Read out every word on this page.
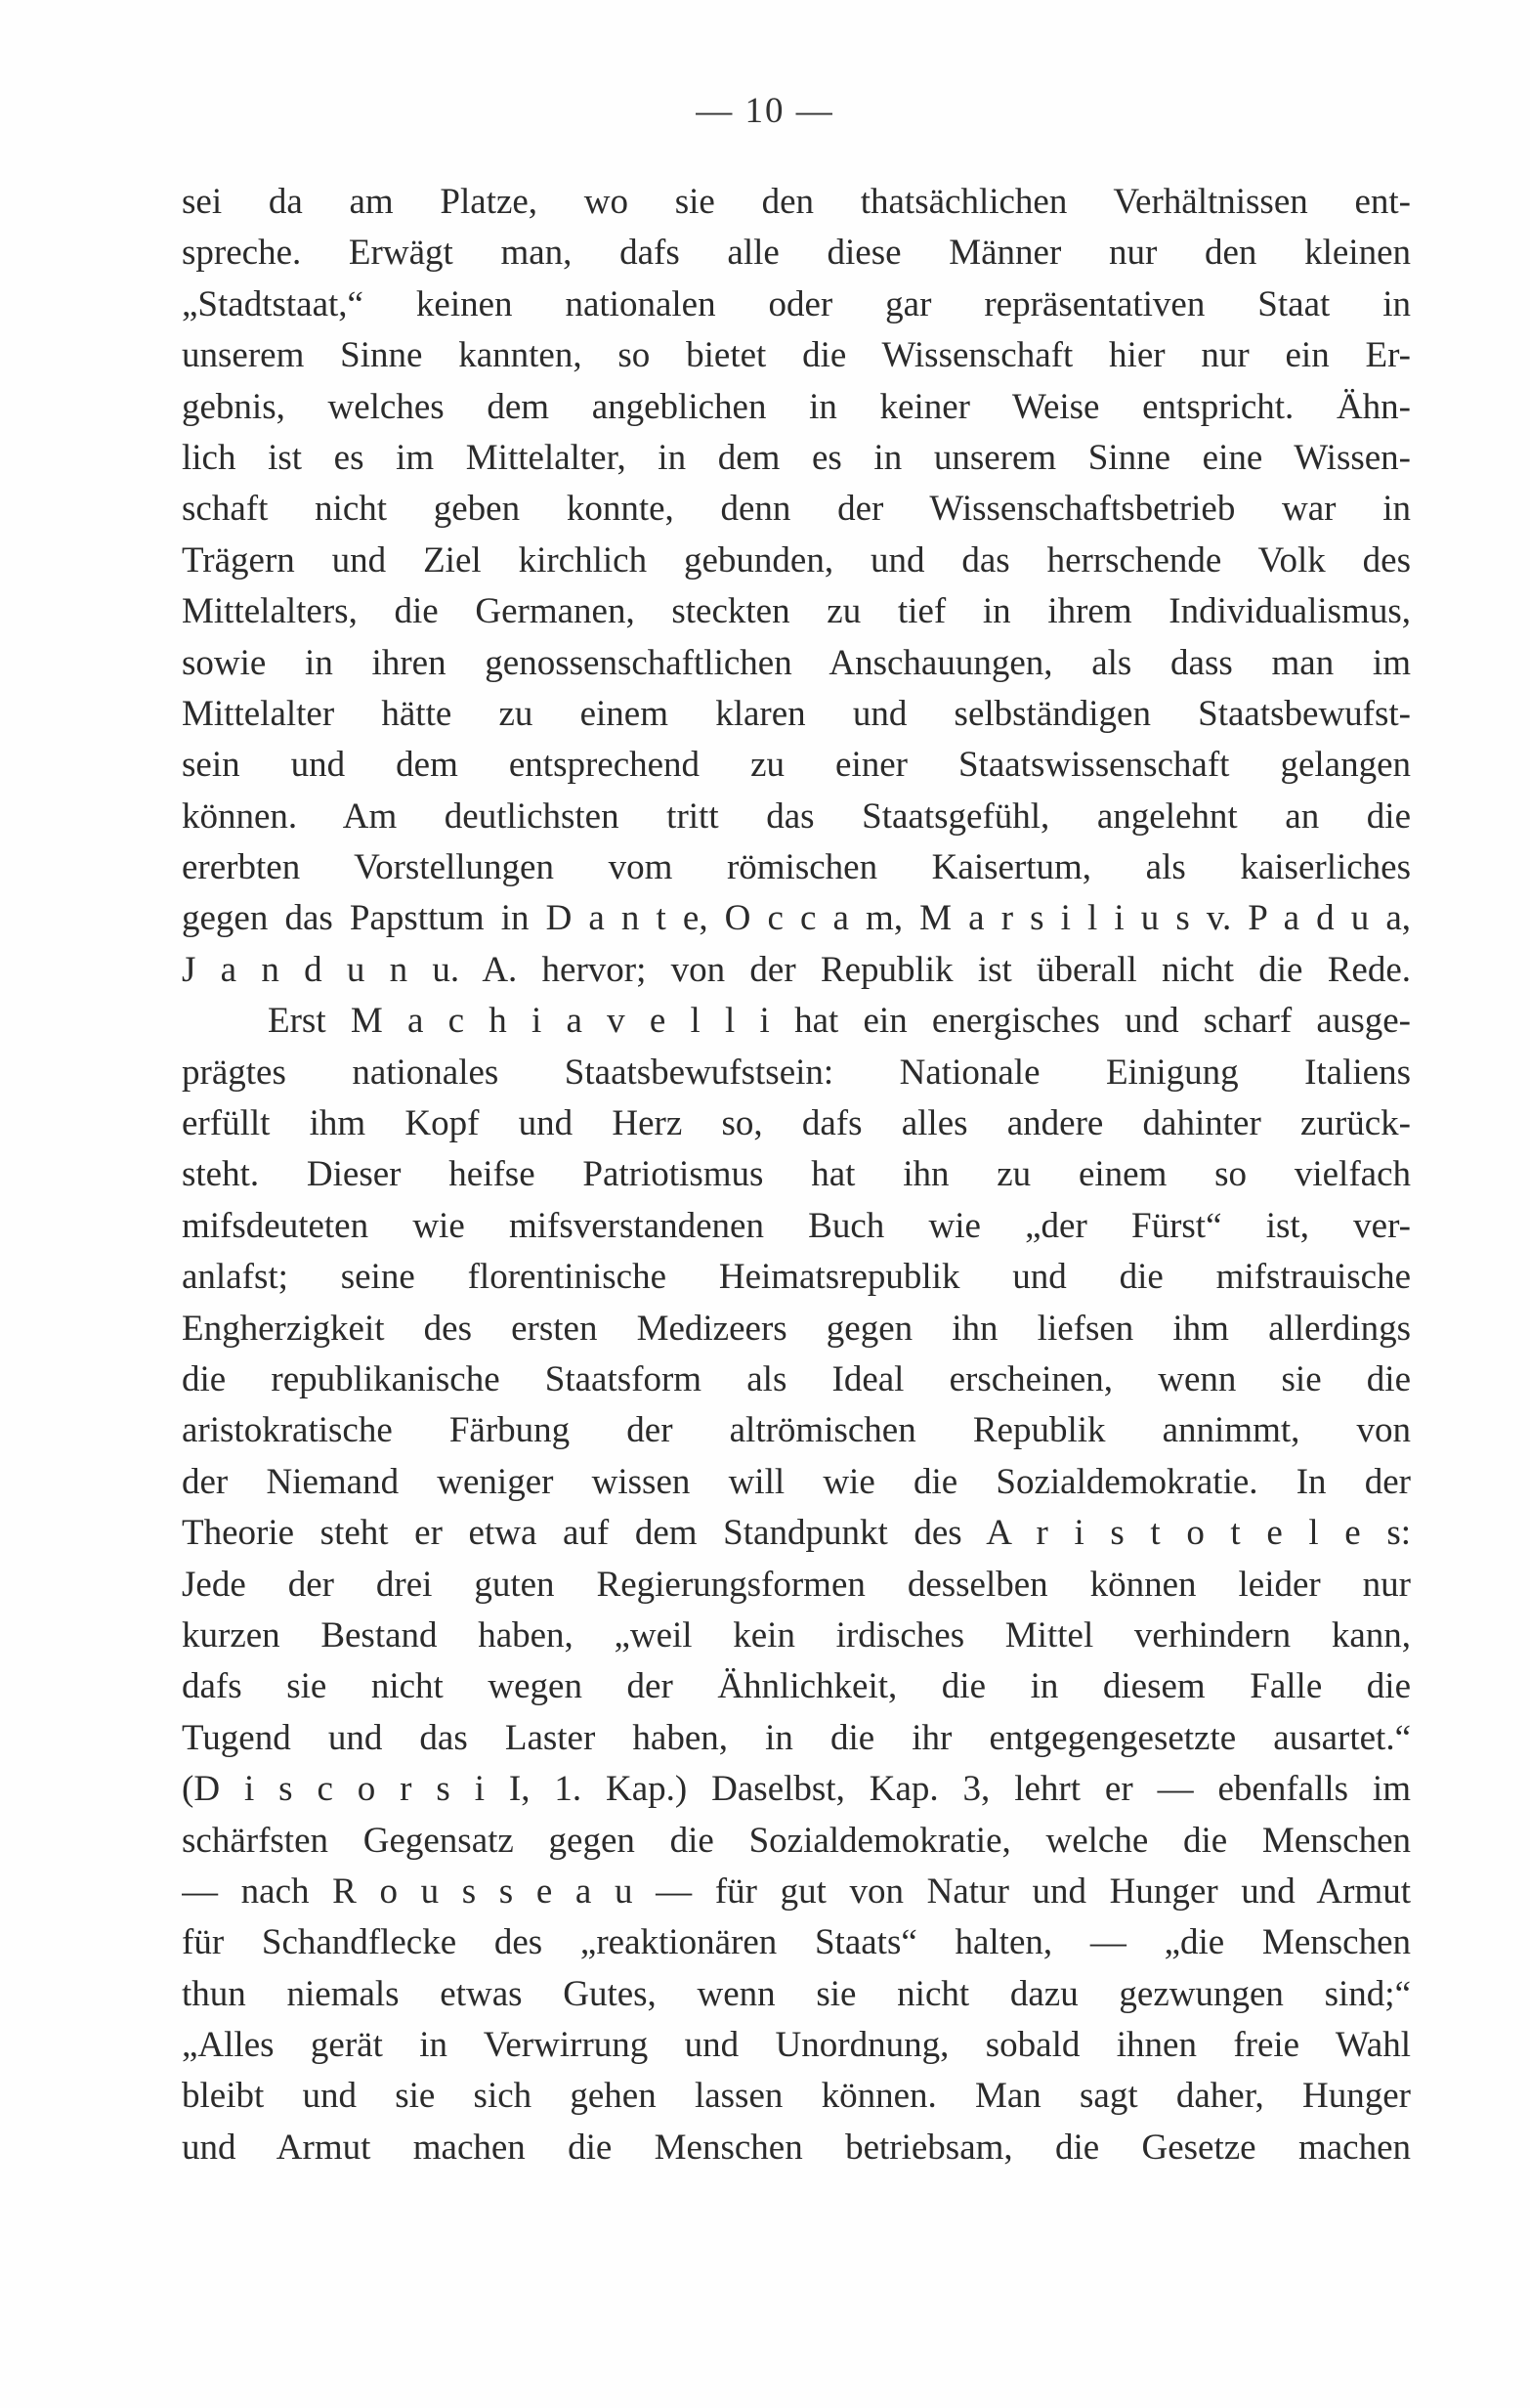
— 10 —
sei da am Platze, wo sie den thatsächlichen Verhältnissen ent-
spreche. Erwägt man, dafs alle diese Männer nur den kleinen
„Stadtstaat,“ keinen nationalen oder gar repräsentativen Staat in
unserem Sinne kannten, so bietet die Wissenschaft hier nur ein Er-
gebnis, welches dem angeblichen in keiner Weise entspricht. Ähn-
lich ist es im Mittelalter, in dem es in unserem Sinne eine Wissen-
schaft nicht geben konnte, denn der Wissenschaftsbetrieb war in
Trägern und Ziel kirchlich gebunden, und das herrschende Volk des
Mittelalters, die Germanen, steckten zu tief in ihrem Individualismus,
sowie in ihren genossenschaftlichen Anschauungen, als dass man im
Mittelalter hätte zu einem klaren und selbständigen Staatsbewufst-
sein und dem entsprechend zu einer Staatswissenschaft gelangen
können. Am deutlichsten tritt das Staatsgefühl, angelehnt an die
ererbten Vorstellungen vom römischen Kaisertum, als kaiserliches
gegen das Papsttum in D a n t e, O c c a m, M a r s i l i u s v. P a d u a,
J a n d u n u. A. hervor; von der Republik ist überall nicht die Rede.
Erst M a c h i a v e l l i hat ein energisches und scharf ausge-
prägtes nationales Staatsbewufstsein: Nationale Einigung Italiens
erfüllt ihm Kopf und Herz so, dafs alles andere dahinter zurück-
steht. Dieser heifse Patriotismus hat ihn zu einem so vielfach
mifsdeuteten wie mifsverstandenen Buch wie „der Fürst“ ist, ver-
anlafst; seine florentinische Heimatsrepublik und die mifstrauische
Engherzigkeit des ersten Medizeers gegen ihn liefsen ihm allerdings
die republikanische Staatsform als Ideal erscheinen, wenn sie die
aristokratische Färbung der altrömischen Republik annimmt, von
der Niemand weniger wissen will wie die Sozialdemokratie. In der
Theorie steht er etwa auf dem Standpunkt des A r i s t o t e l e s:
Jede der drei guten Regierungsformen desselben können leider nur
kurzen Bestand haben, „weil kein irdisches Mittel verhindern kann,
dafs sie nicht wegen der Ähnlichkeit, die in diesem Falle die
Tugend und das Laster haben, in die ihr entgegengesetzte ausartet.“
(D i s c o r s i I, 1. Kap.) Daselbst, Kap. 3, lehrt er — ebenfalls im
schärfsten Gegensatz gegen die Sozialdemokratie, welche die Menschen
— nach R o u s s e a u — für gut von Natur und Hunger und Armut
für Schandflecke des „reaktionären Staats“ halten, — „die Menschen
thun niemals etwas Gutes, wenn sie nicht dazu gezwungen sind;“
„Alles gerät in Verwirrung und Unordnung, sobald ihnen freie Wahl
bleibt und sie sich gehen lassen können. Man sagt daher, Hunger
und Armut machen die Menschen betriebsam, die Gesetze machen
